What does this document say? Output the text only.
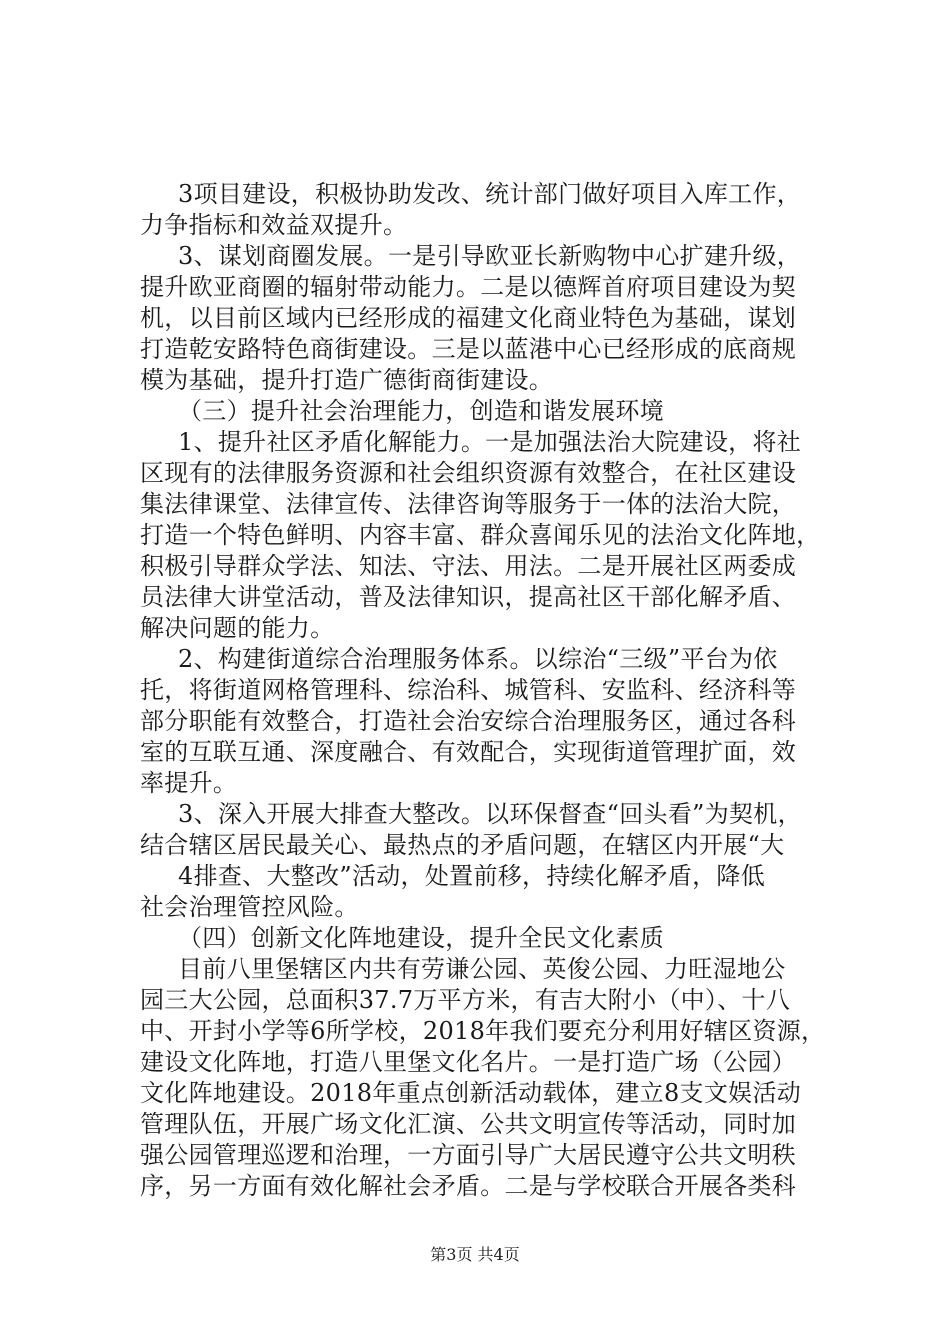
3项目建设，积极协助发改、统计部门做好项目入库工作，
力争指标和效益双提升。
3、谋划商圈发展。一是引导欧亚长新购物中心扩建升级，
提升欧亚商圈的辐射带动能力。二是以德辉首府项目建设为契
机，以目前区域内已经形成的福建文化商业特色为基础，谋划
打造乾安路特色商街建设。三是以蓝港中心已经形成的底商规
模为基础，提升打造广德街商街建设。
（三）提升社会治理能力，创造和谐发展环境
1、提升社区矛盾化解能力。一是加强法治大院建设，将社
区现有的法律服务资源和社会组织资源有效整合，在社区建设
集法律课堂、法律宣传、法律咨询等服务于一体的法治大院，
打造一个特色鲜明、内容丰富、群众喜闻乐见的法治文化阵地，
积极引导群众学法、知法、守法、用法。二是开展社区两委成
员法律大讲堂活动，普及法律知识，提高社区干部化解矛盾、
解决问题的能力。
2、构建街道综合治理服务体系。以综治“三级”平台为依
托，将街道网格管理科、综治科、城管科、安监科、经济科等
部分职能有效整合，打造社会治安综合治理服务区，通过各科
室的互联互通、深度融合、有效配合，实现街道管理扩面，效
率提升。
3、深入开展大排查大整改。以环保督查“回头看”为契机，
结合辖区居民最关心、最热点的矛盾问题，在辖区内开展“大
4排查、大整改”活动，处置前移，持续化解矛盾，降低
社会治理管控风险。
（四）创新文化阵地建设，提升全民文化素质
目前八里堡辖区内共有劳谦公园、英俊公园、力旺湿地公
园三大公园，总面积37.7万平方米，有吉大附小（中）、十八
中、开封小学等6所学校，2018年我们要充分利用好辖区资源，
建设文化阵地，打造八里堡文化名片。一是打造广场（公园）
文化阵地建设。2018年重点创新活动载体，建立8支文娱活动
管理队伍，开展广场文化汇演、公共文明宣传等活动，同时加
强公园管理巡逻和治理，一方面引导广大居民遵守公共文明秩
序，另一方面有效化解社会矛盾。二是与学校联合开展各类科
第3页 共4页
